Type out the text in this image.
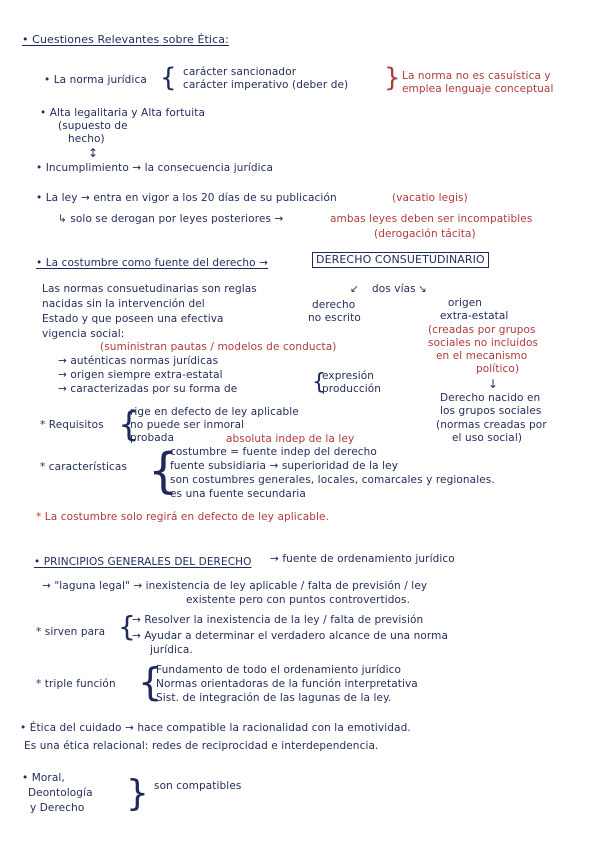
• Cuestiones Relevantes sobre Ética:
• La norma jurídica { carácter sancionador
carácter imperativo (deber de) } La norma no es casuística y
emplea lenguaje conceptual
• Alta legalitaria y Alta fortuita
(supuesto de
hecho)
↕
• Incumplimiento → la consecuencia jurídica
• La ley → entra en vigor a los 20 días de su publicación	(vacatio legis)
↳ solo se derogan por leyes posteriores →	ambas leyes deben ser incompatibles
(derogación tácita)
• La costumbre como fuente del derecho →	DERECHO CONSUETUDINARIO
dos vías
↙	↘
Las normas consuetudinarias son reglas
nacidas sin la intervención del
Estado y que poseen una efectiva
vigencia social:
(suministran pautas / modelos de conducta)
derecho
no escrito
origen
extra-estatal
(creadas por grupos
sociales no incluidos
en el mecanismo
político)
↓
Derecho nacido en
los grupos sociales
(normas creadas por
el uso social)
→ auténticas normas jurídicas
→ origen siempre extra-estatal
→ caracterizadas por su forma de	{
expresión
producción
* Requisitos {
rige en defecto de ley aplicable
no puede ser inmoral
probada	absoluta indep de la ley
* características {
costumbre = fuente indep del derecho
fuente subsidiaria → superioridad de la ley
son costumbres generales, locales, comarcales y regionales.
es una fuente secundaria
* La costumbre solo regirá en defecto de ley aplicable.
• PRINCIPIOS GENERALES DEL DERECHO → fuente de ordenamiento jurídico
→ "laguna legal" → inexistencia de ley aplicable / falta de previsión / ley
existente pero con puntos controvertidos.
* sirven para {
→ Resolver la inexistencia de la ley / falta de previsión
→ Ayudar a determinar el verdadero alcance de una norma
jurídica.
* triple función {
Fundamento de todo el ordenamiento jurídico
Normas orientadoras de la función interpretativa
Sist. de integración de las lagunas de la ley.
• Ética del cuidado → hace compatible la racionalidad con la emotividad.
Es una ética relacional: redes de reciprocidad e interdependencia.
• Moral,
Deontología
y Derecho } son compatibles
